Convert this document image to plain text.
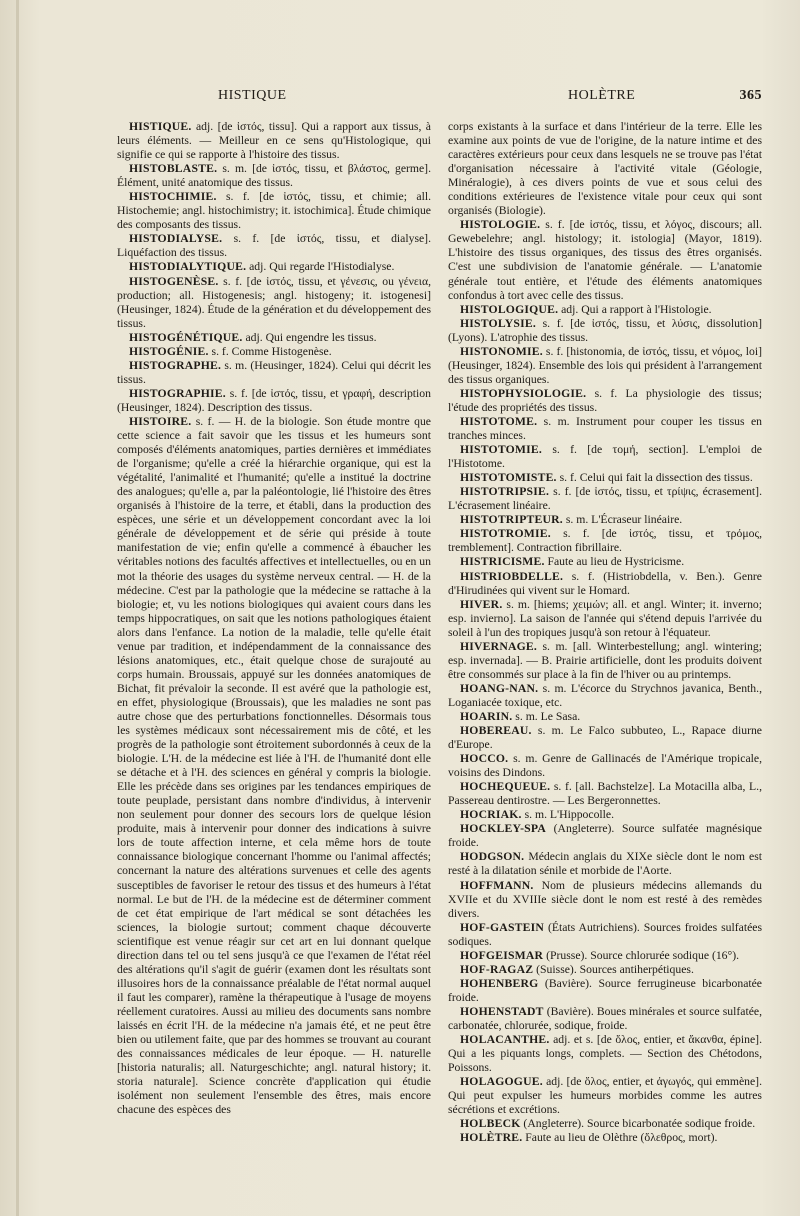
HISTIQUE	HOLÈTRE	365

HISTIQUE. adj. [de ἱστός, tissu]. Qui a rapport aux tissus, à leurs éléments. — Meilleur en ce sens qu'Histologique, qui signifie ce qui se rapporte à l'histoire des tissus.

HISTOBLASTE. s. m. [de ἱστός, tissu, et βλάστος, germe]. Élément, unité anatomique des tissus.

HISTOCHIMIE. s. f. [de ἱστός, tissu, et chimie; all. Histochemie; angl. histochimistry; it. istochimica]. Étude chimique des composants des tissus.

HISTODIALYSE. s. f. [de ἱστός, tissu, et dialyse]. Liquéfaction des tissus.

HISTODIALYTIQUE. adj. Qui regarde l'Histodialyse.

HISTOGENÈSE. s. f. [de ἱστός, tissu, et γένεσις, ou γένεια, production; all. Histogenesis; angl. histogeny; it. istogenesi] (Heusinger, 1824). Étude de la génération et du développement des tissus.

HISTOGÉNÉTIQUE. adj. Qui engendre les tissus.

HISTOGÉNIE. s. f. Comme Histogenèse.

HISTOGRAPHE. s. m. (Heusinger, 1824). Celui qui décrit les tissus.

HISTOGRAPHIE. s. f. [de ἱστός, tissu, et γραφή, description (Heusinger, 1824). Description des tissus.

HISTOIRE. s. f. — H. de la biologie. Son étude montre que cette science a fait savoir que les tissus et les humeurs sont composés d'éléments anatomiques, parties dernières et immédiates de l'organisme; qu'elle a créé la hiérarchie organique, qui est la végétalité, l'animalité et l'humanité; qu'elle a institué la doctrine des analogues; qu'elle a, par la paléontologie, lié l'histoire des êtres organisés à l'histoire de la terre, et établi, dans la production des espèces, une série et un développement concordant avec la loi générale de développement et de série qui préside à toute manifestation de vie; enfin qu'elle a commencé à ébaucher les véritables notions des facultés affectives et intellectuelles, ou en un mot la théorie des usages du système nerveux central. — H. de la médecine. C'est par la pathologie que la médecine se rattache à la biologie; et, vu les notions biologiques qui avaient cours dans les temps hippocratiques, on sait que les notions pathologiques étaient alors dans l'enfance. La notion de la maladie, telle qu'elle était venue par tradition, et indépendamment de la connaissance des lésions anatomiques, etc., était quelque chose de surajouté au corps humain. Broussais, appuyé sur les données anatomiques de Bichat, fit prévaloir la seconde. Il est avéré que la pathologie est, en effet, physiologique (Broussais), que les maladies ne sont pas autre chose que des perturbations fonctionnelles. Désormais tous les systèmes médicaux sont nécessairement mis de côté, et les progrès de la pathologie sont étroitement subordonnés à ceux de la biologie. L'H. de la médecine est liée à l'H. de l'humanité dont elle se détache et à l'H. des sciences en général y compris la biologie. Elle les précède dans ses origines par les tendances empiriques de toute peuplade, persistant dans nombre d'individus, à intervenir non seulement pour donner des secours lors de quelque lésion produite, mais à intervenir pour donner des indications à suivre lors de toute affection interne, et cela même hors de toute connaissance biologique concernant l'homme ou l'animal affectés; concernant la nature des altérations survenues et celle des agents susceptibles de favoriser le retour des tissus et des humeurs à l'état normal. Le but de l'H. de la médecine est de déterminer comment de cet état empirique de l'art médical se sont détachées les sciences, la biologie surtout; comment chaque découverte scientifique est venue réagir sur cet art en lui donnant quelque direction dans tel ou tel sens jusqu'à ce que l'examen de l'état réel des altérations qu'il s'agit de guérir (examen dont les résultats sont illusoires hors de la connaissance préalable de l'état normal auquel il faut les comparer), ramène la thérapeutique à l'usage de moyens réellement curatoires. Aussi au milieu des documents sans nombre laissés en écrit l'H. de la médecine n'a jamais été, et ne peut être bien ou utilement faite, que par des hommes se trouvant au courant des connaissances médicales de leur époque. — H. naturelle [historia naturalis; all. Naturgeschichte; angl. natural history; it. storia naturale]. Science concrète d'application qui étudie isolément non seulement l'ensemble des êtres, mais encore chacune des espèces des

corps existants à la surface et dans l'intérieur de la terre. Elle les examine aux points de vue de l'origine, de la nature intime et des caractères extérieurs pour ceux dans lesquels ne se trouve pas l'état d'organisation nécessaire à l'activité vitale (Géologie, Minéralogie), à ces divers points de vue et sous celui des conditions extérieures de l'existence vitale pour ceux qui sont organisés (Biologie).

HISTOLOGIE. s. f. [de ἱστός, tissu, et λόγος, discours; all. Gewebelehre; angl. histology; it. istologia] (Mayor, 1819). L'histoire des tissus organiques, des tissus des êtres organisés. C'est une subdivision de l'anatomie générale. — L'anatomie générale tout entière, et l'étude des éléments anatomiques confondus à tort avec celle des tissus.

HISTOLOGIQUE. adj. Qui a rapport à l'Histologie.

HISTOLYSIE. s. f. [de ἱστός, tissu, et λύσις, dissolution] (Lyons). L'atrophie des tissus.

HISTONOMIE. s. f. [histonomia, de ἱστός, tissu, et νόμος, loi] (Heusinger, 1824). Ensemble des lois qui président à l'arrangement des tissus organiques.

HISTOPHYSIOLOGIE. s. f. La physiologie des tissus; l'étude des propriétés des tissus.

HISTOTOME. s. m. Instrument pour couper les tissus en tranches minces.

HISTOTOMIE. s. f. [de τομή, section]. L'emploi de l'Histotome.

HISTOTOMISTE. s. f. Celui qui fait la dissection des tissus.

HISTOTRIPSIE. s. f. [de ἱστός, tissu, et τρίψις, écrasement]. L'écrasement linéaire.

HISTOTRIPTEUR. s. m. L'Écraseur linéaire.

HISTOTROMIE. s. f. [de ἱστός, tissu, et τρόμος, tremblement]. Contraction fibrillaire.

HISTRICISME. Faute au lieu de Hystricisme.

HISTRIOBDELLE. s. f. (Histriobdella, v. Ben.). Genre d'Hirudinées qui vivent sur le Homard.

HIVER. s. m. [hiems; χειμών; all. et angl. Winter; it. inverno; esp. invierno]. La saison de l'année qui s'étend depuis l'arrivée du soleil à l'un des tropiques jusqu'à son retour à l'équateur.

HIVERNAGE. s. m. [all. Winterbestellung; angl. wintering; esp. invernada]. — B. Prairie artificielle, dont les produits doivent être consommés sur place à la fin de l'hiver ou au printemps.

HOANG-NAN. s. m. L'écorce du Strychnos javanica, Benth., Loganiacée toxique, etc.

HOARIN. s. m. Le Sasa.

HOBEREAU. s. m. Le Falco subbuteo, L., Rapace diurne d'Europe.

HOCCO. s. m. Genre de Gallinacés de l'Amérique tropicale, voisins des Dindons.

HOCHEQUEUE. s. f. [all. Bachstelze]. La Motacilla alba, L., Passereau dentirostre. — Les Bergeronnettes.

HOCRIAK. s. m. L'Hippocolle.

HOCKLEY-SPA (Angleterre). Source sulfatée magnésique froide.

HODGSON. Médecin anglais du XIXe siècle dont le nom est resté à la dilatation sénile et morbide de l'Aorte.

HOFFMANN. Nom de plusieurs médecins allemands du XVIIe et du XVIIIe siècle dont le nom est resté à des remèdes divers.

HOF-GASTEIN (États Autrichiens). Sources froides sulfatées sodiques.

HOFGEISMAR (Prusse). Source chlorurée sodique (16°).

HOF-RAGAZ (Suisse). Sources antiherpétiques.

HOHENBERG (Bavière). Source ferrugineuse bicarbonatée froide.

HOHENSTADT (Bavière). Boues minérales et source sulfatée, carbonatée, chlorurée, sodique, froide.

HOLACANTHE. adj. et s. [de ὅλος, entier, et ἄκανθα, épine]. Qui a les piquants longs, complets. — Section des Chétodons, Poissons.

HOLAGOGUE. adj. [de ὅλος, entier, et ἀγωγός, qui emmène]. Qui peut expulser les humeurs morbides comme les autres sécrétions et excrétions.

HOLBECK (Angleterre). Source bicarbonatée sodique froide.

HOLÈTRE. Faute au lieu de Olèthre (ὄλεθρος, mort).
